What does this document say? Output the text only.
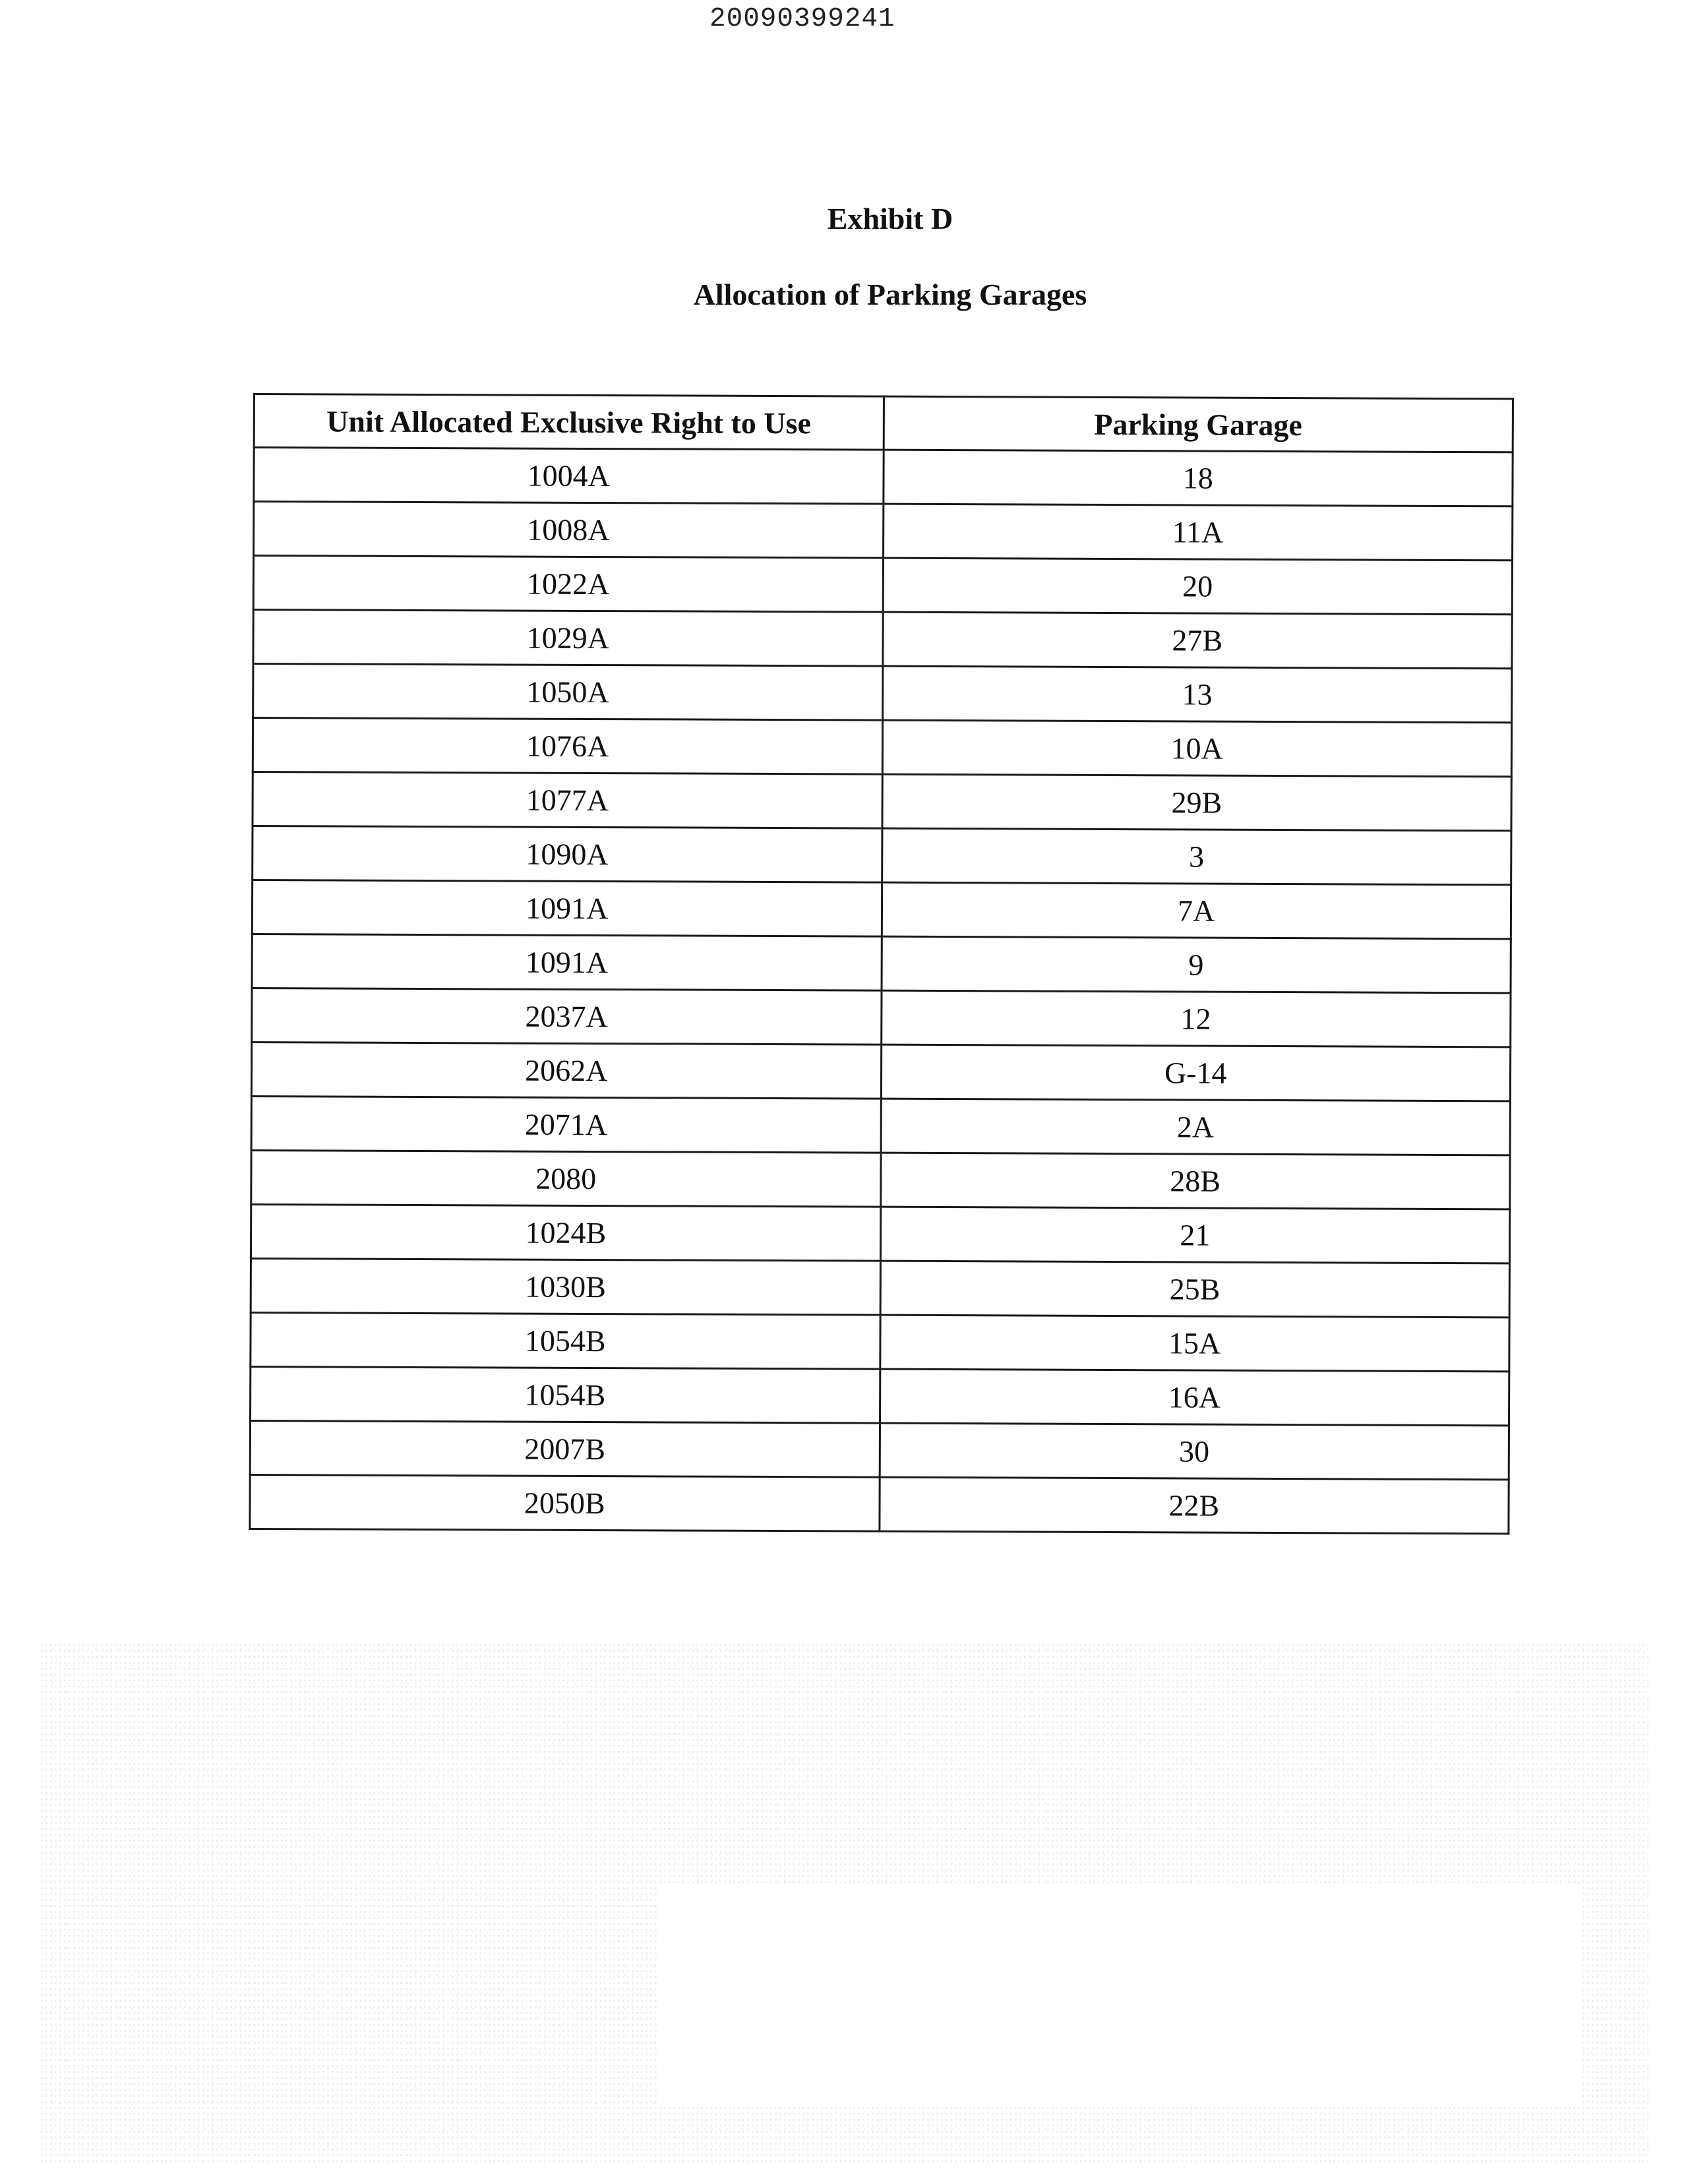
20090399241
Exhibit D
Allocation of Parking Garages
Unit Allocated Exclusive Right to Use	Parking Garage
1004A	18
1008A	11A
1022A	20
1029A	27B
1050A	13
1076A	10A
1077A	29B
1090A	3
1091A	7A
1091A	9
2037A	12
2062A	G-14
2071A	2A
2080	28B
1024B	21
1030B	25B
1054B	15A
1054B	16A
2007B	30
2050B	22B
